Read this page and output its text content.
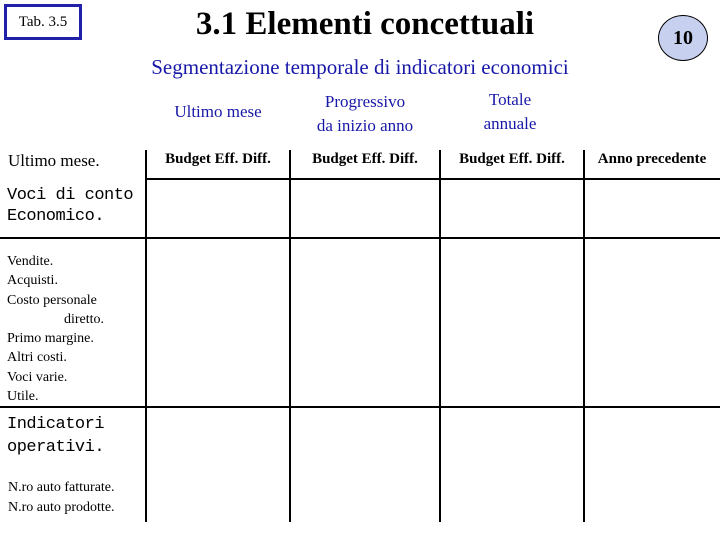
Tab. 3.5	3.1 Elementi concettuali	10
Segmentazione temporale di indicatori economici
Ultimo mese
Progressivo
da inizio anno
Totale
annuale
Ultimo mese.	Budget Eff. Diff.	Budget Eff. Diff.	Budget Eff. Diff.	Anno precedente
Voci di conto
Economico.
Vendite.
Acquisti.
Costo personale
diretto.
Primo margine.
Altri costi.
Voci varie.
Utile.
Indicatori
operativi.
N.ro auto fatturate.
N.ro auto prodotte.
